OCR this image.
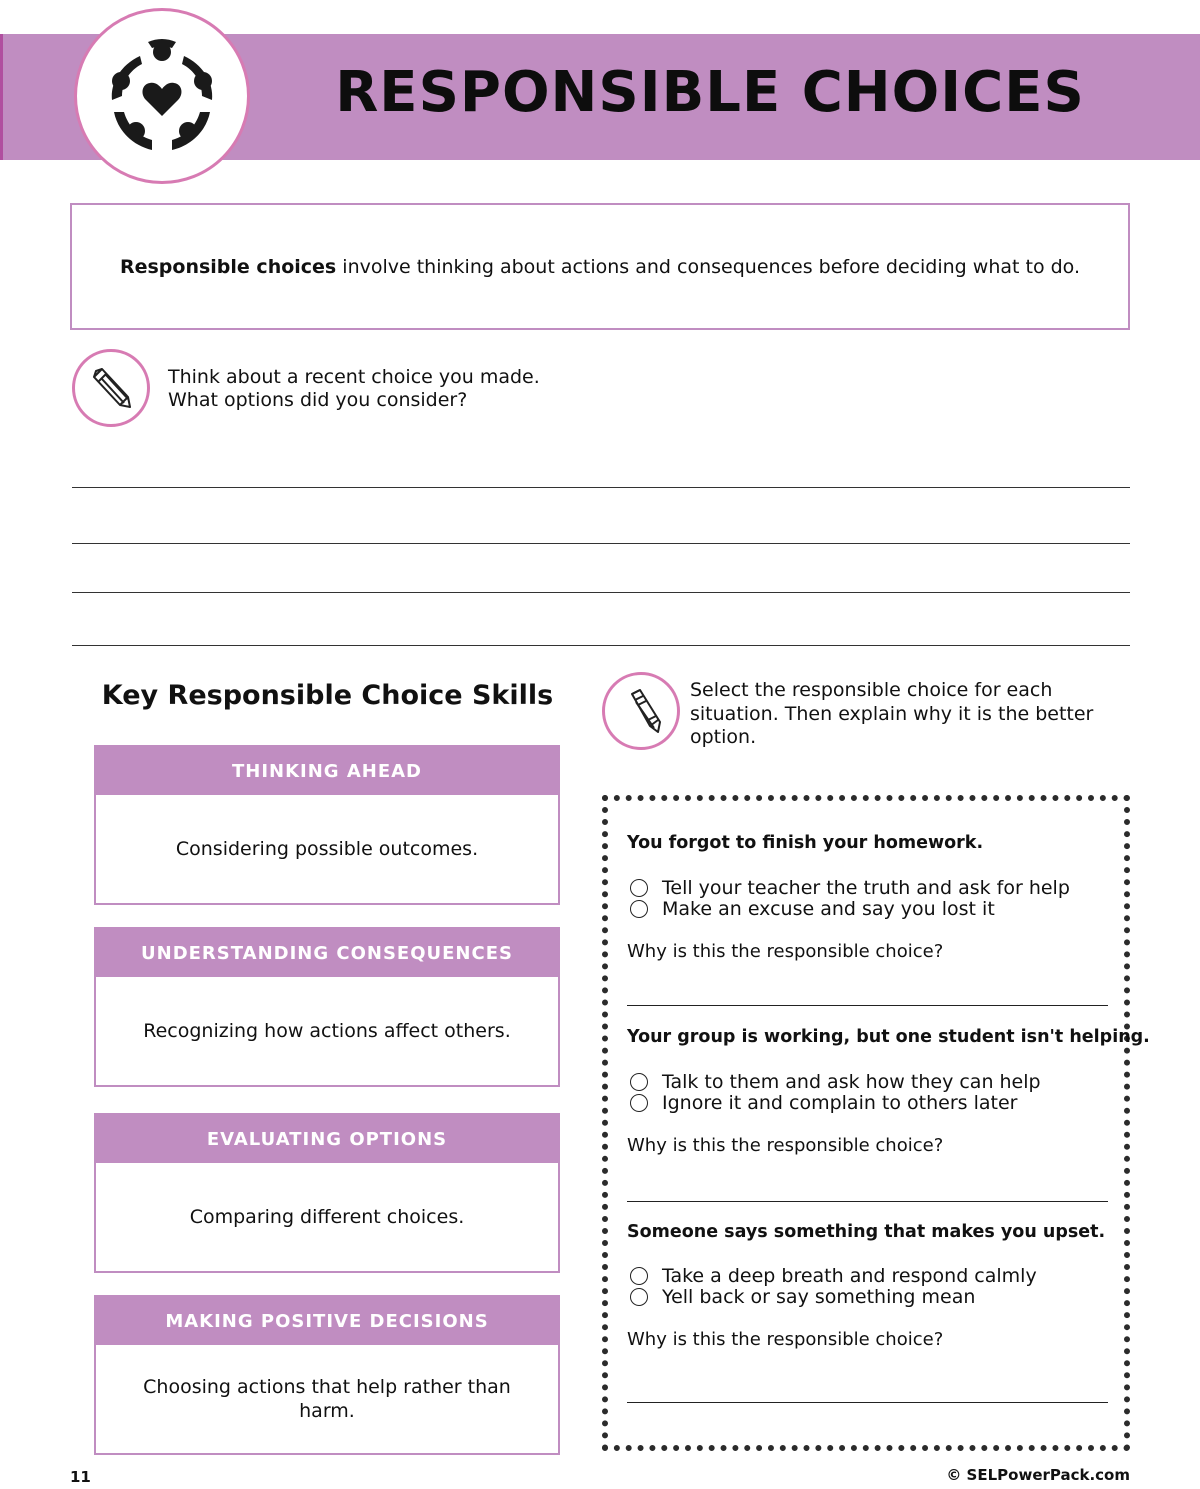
RESPONSIBLE CHOICES

Responsible choices involve thinking about actions and consequences before deciding what to do.

Think about a recent choice you made.
What options did you consider?
Key Responsible Choice Skills
THINKING AHEAD
Considering possible outcomes.
UNDERSTANDING CONSEQUENCES
Recognizing how actions affect others.
EVALUATING OPTIONS
Comparing different choices.
MAKING POSITIVE DECISIONS
Choosing actions that help rather than harm.
Select the responsible choice for each situation. Then explain why it is the better option.
You forgot to finish your homework.
Tell your teacher the truth and ask for help
Make an excuse and say you lost it
Why is this the responsible choice?
Your group is working, but one student isn't helping.
Talk to them and ask how they can help
Ignore it and complain to others later
Why is this the responsible choice?
Someone says something that makes you upset.
Take a deep breath and respond calmly
Yell back or say something mean
Why is this the responsible choice?
11	© SELPowerPack.com
